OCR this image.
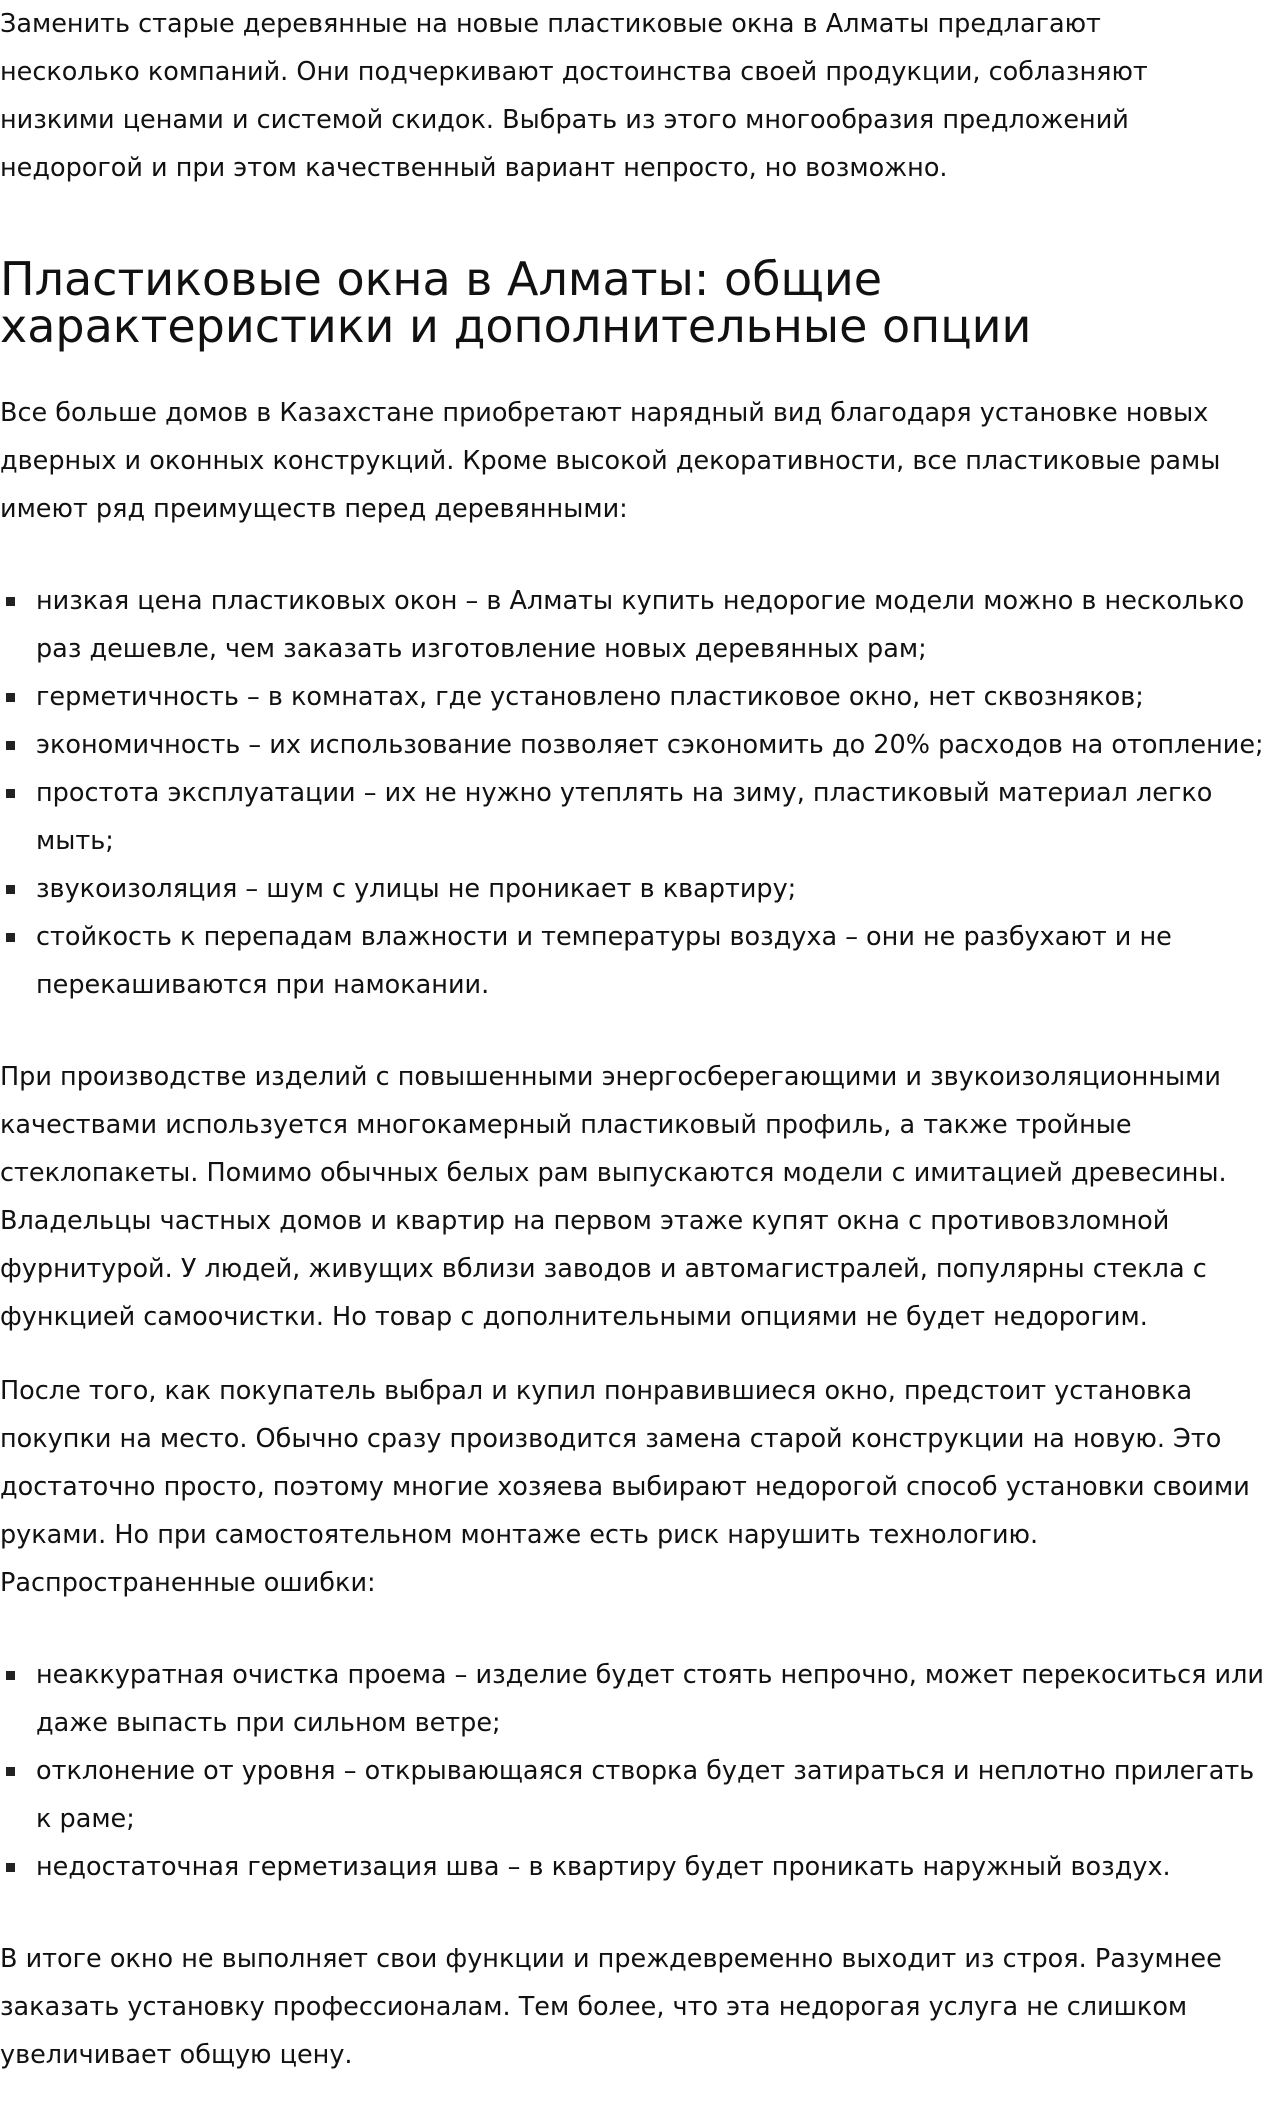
Заменить старые деревянные на новые пластиковые окна в Алматы предлагают несколько компаний. Они подчеркивают достоинства своей продукции, соблазняют низкими ценами и системой скидок. Выбрать из этого многообразия предложений недорогой и при этом качественный вариант непросто, но возможно.

Пластиковые окна в Алматы: общие характеристики и дополнительные опции

Все больше домов в Казахстане приобретают нарядный вид благодаря установке новых дверных и оконных конструкций. Кроме высокой декоративности, все пластиковые рамы имеют ряд преимуществ перед деревянными:

низкая цена пластиковых окон – в Алматы купить недорогие модели можно в несколько раз дешевле, чем заказать изготовление новых деревянных рам;
герметичность – в комнатах, где установлено пластиковое окно, нет сквозняков;
экономичность – их использование позволяет сэкономить до 20% расходов на отопление;
простота эксплуатации – их не нужно утеплять на зиму, пластиковый материал легко мыть;
звукоизоляция – шум с улицы не проникает в квартиру;
стойкость к перепадам влажности и температуры воздуха – они не разбухают и не перекашиваются при намокании.

При производстве изделий с повышенными энергосберегающими и звукоизоляционными качествами используется многокамерный пластиковый профиль, а также тройные стеклопакеты. Помимо обычных белых рам выпускаются модели с имитацией древесины. Владельцы частных домов и квартир на первом этаже купят окна с противовзломной фурнитурой. У людей, живущих вблизи заводов и автомагистралей, популярны стекла с функцией самоочистки. Но товар с дополнительными опциями не будет недорогим.

После того, как покупатель выбрал и купил понравившиеся окно, предстоит установка покупки на место. Обычно сразу производится замена старой конструкции на новую. Это достаточно просто, поэтому многие хозяева выбирают недорогой способ установки своими руками. Но при самостоятельном монтаже есть риск нарушить технологию. Распространенные ошибки:

неаккуратная очистка проема – изделие будет стоять непрочно, может перекоситься или даже выпасть при сильном ветре;
отклонение от уровня – открывающаяся створка будет затираться и неплотно прилегать к раме;
недостаточная герметизация шва – в квартиру будет проникать наружный воздух.

В итоге окно не выполняет свои функции и преждевременно выходит из строя. Разумнее заказать установку профессионалам. Тем более, что эта недорогая услуга не слишком увеличивает общую цену.
